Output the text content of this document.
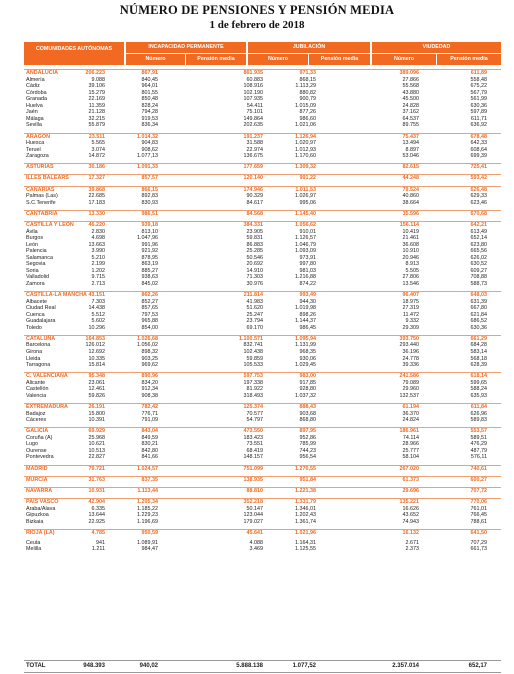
NÚMERO DE PENSIONES Y PENSIÓN MEDIA
1 de febrero de 2018
COMUNIDADES AUTÓNOMAS	INCAPACIDAD PERMANENTE	JUBILACIÓN	VIUDEDAD
Número	Pensión media	Número	Pensión media	Número	Pensión media
ANDALUCIA	206.223	867,91	861.935	971,33	389.096	611,89
Almería	9.088	840,45	60.883	868,15	27.866	558,48
Cádiz	39.106	964,01	108.916	1.113,29	55.568	675,22
Córdoba	15.279	801,55	102.190	880,82	43.880	567,79
Granada	22.169	850,48	107.935	900,79	45.500	561,99
Huelva	11.359	828,24	54.411	1.015,09	24.828	630,36
Jaén	21.128	794,28	75.101	877,26	37.162	597,89
Málaga	32.215	919,53	149.864	986,60	64.537	611,71
Sevilla	55.879	836,34	202.635	1.021,06	89.755	636,92
ARAGON	23.511	1.014,32	191.237	1.126,94	75.437	678,48
Huesca	5.565	904,83	31.588	1.020,97	13.494	642,33
Teruel	3.074	908,62	22.974	1.012,93	8.897	608,64
Zaragoza	14.872	1.077,13	136.675	1.170,60	53.046	699,39
ASTURIAS	30.186	1.091,33	177.659	1.309,32	82.615	725,41
ILLES BALEARS	17.327	857,57	120.140	991,22	44.248	593,42
CANARIAS	39.868	866,15	174.946	1.011,53	79.524	626,48
Palmas (Las)	22.685	892,83	90.329	1.026,97	40.860	629,33
S.C.Tenerife	17.183	830,93	84.617	995,06	38.664	623,46
CANTABRIA	13.330	986,51	84.568	1.145,40	35.596	670,68
CASTILLA Y LEÓN	46.220	939,18	384.331	1.056,62	156.114	642,21
Ávila	2.830	813,10	23.905	910,01	10.419	613,49
Burgos	4.698	1.047,96	59.831	1.126,57	21.461	652,14
León	13.663	991,96	86.883	1.046,79	36.608	623,80
Palencia	3.990	921,92	25.285	1.093,09	10.910	665,56
Salamanca	5.210	878,95	50.546	973,91	20.946	626,02
Segovia	2.199	863,19	20.692	997,80	8.913	630,52
Soria	1.202	885,27	14.910	981,03	5.505	609,27
Valladolid	9.715	938,63	71.303	1.216,88	27.806	708,88
Zamora	2.713	845,02	30.976	874,22	13.546	588,73
CASTILLA-LA MANCHA 43.151	862,26	211.814	993,49	96.407	648,03
Albacete	7.303	852,27	41.983	944,30	18.975	631,39
Ciudad Real	14.438	857,65	51.620	1.019,98	27.319	667,80
Cuenca	5.512	797,53	25.247	898,26	11.472	621,84
Guadalajara	5.602	965,88	23.794	1.144,37	9.332	686,52
Toledo	10.296	854,00	69.170	986,45	29.309	630,36
CATALUÑA	164.853	1.026,68	1.100.571	1.095,94	393.750	661,29
Barcelona	126.012	1.056,02	832.741	1.131,99	293.440	684,28
Girona	12.692	898,32	102.438	968,35	36.196	583,14
Lleida	10.335	903,25	59.859	930,06	24.778	568,18
Tarragona	15.814	969,62	105.533	1.029,45	39.336	628,39
C. VALENCIANA	95.348	890,96	597.753	983,00	241.586	618,14
Alicante	23.061	834,20	197.338	917,85	79.089	599,65
Castellón	12.461	912,34	81.922	928,80	29.960	588,24
Valencia	59.826	908,38	318.493	1.037,32	132.537	635,93
EXTREMADURA	26.191	782,42	125.374	888,43	61.194	611,84
Badajoz	15.800	776,71	70.577	903,68	36.370	626,96
Cáceres	10.391	791,09	54.797	868,80	24.824	589,83
GALICIA	69.929	843,04	473.550	897,95	186.961	553,57
Coruña (A)	25.968	849,59	183.423	952,86	74.114	589,51
Lugo	10.621	830,21	73.551	785,99	28.966	476,29
Ourense	10.513	842,80	68.419	744,23	25.777	487,79
Pontevedra	22.827	841,66	148.157	956,54	58.104	576,11
MADRID	79.721	1.024,57	751.099	1.270,55	267.020	740,61
MURCIA	31.763	837,35	138.935	951,84	61.373	600,27
NAVARRA	10.931	1.113,44	88.810	1.221,38	29.696	707,72
PAIS VASCO	42.904	1.205,34	352.218	1.331,79	135.221	770,06
Araba/Alava	6.335	1.185,22	50.147	1.346,01	16.626	761,01
Gipuzkoa	13.644	1.229,23	123.044	1.202,43	43.652	766,45
Bizkaia	22.925	1.196,69	179.027	1.361,74	74.943	788,61
RIOJA (LA)	4.785	950,59	45.641	1.021,96	16.132	641,50
Ceuta	941	1.089,91	4.088	1.164,31	2.671	707,29
Melilla	1.211	984,47	3.469	1.125,55	2.373	661,73
TOTAL	948.393	940,02	5.888.138	1.077,52	2.357.014	652,17
